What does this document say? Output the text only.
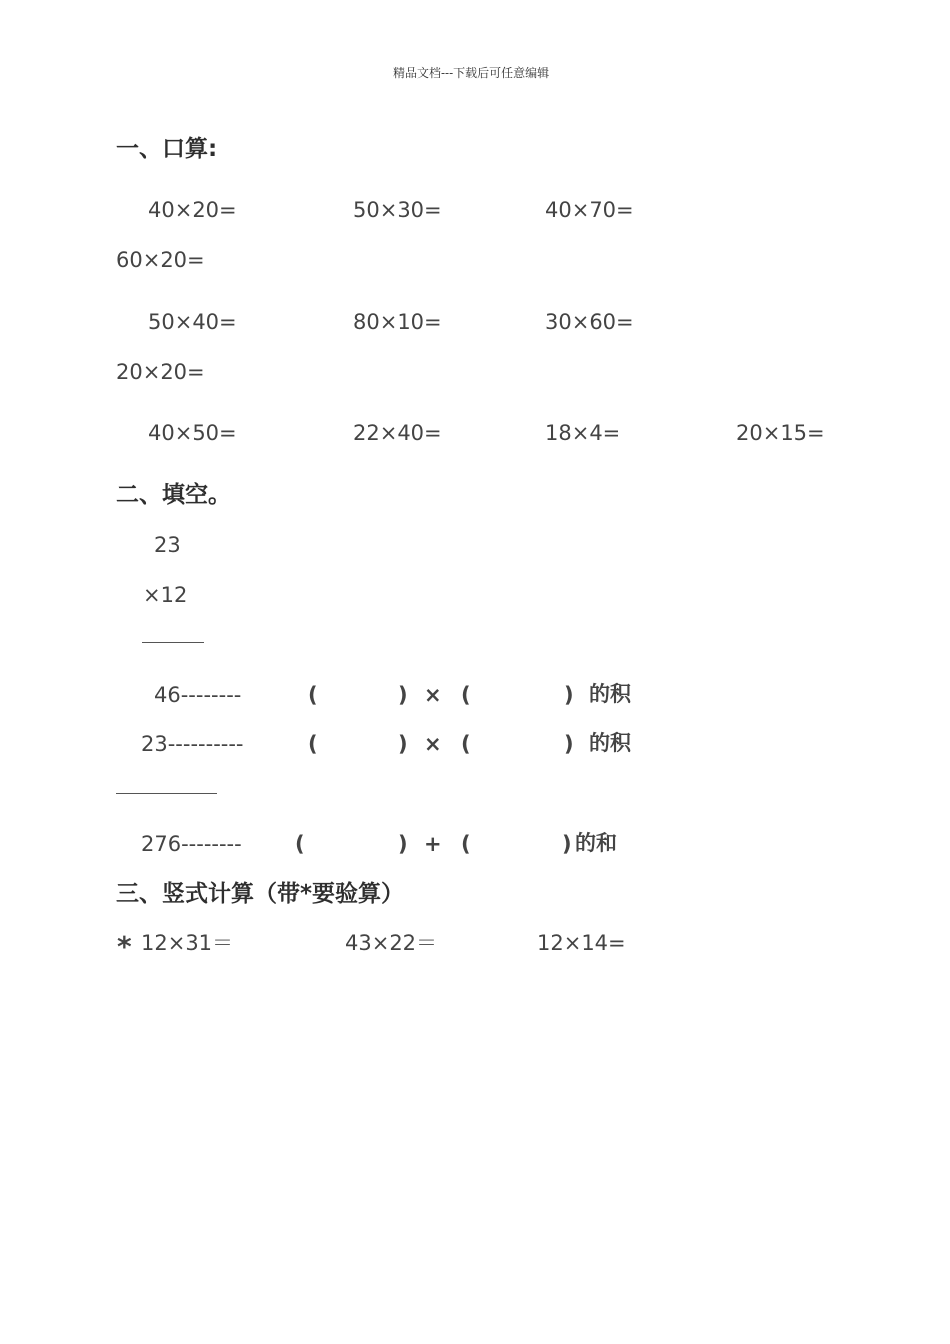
精品文档---下载后可任意编辑
一、口算:
40×20=	50×30=	40×70=
60×20=
50×40=	80×10=	30×60=
20×20=
40×50=	22×40=	18×4=	20×15=
二、填空。
23
×12
46--------	(	) × (	) 的积
23----------	(	) × (	) 的积
276--------	(	) + (	) 的和
三、竖式计算（带*要验算）
* 12×31＝	43×22＝	12×14=
